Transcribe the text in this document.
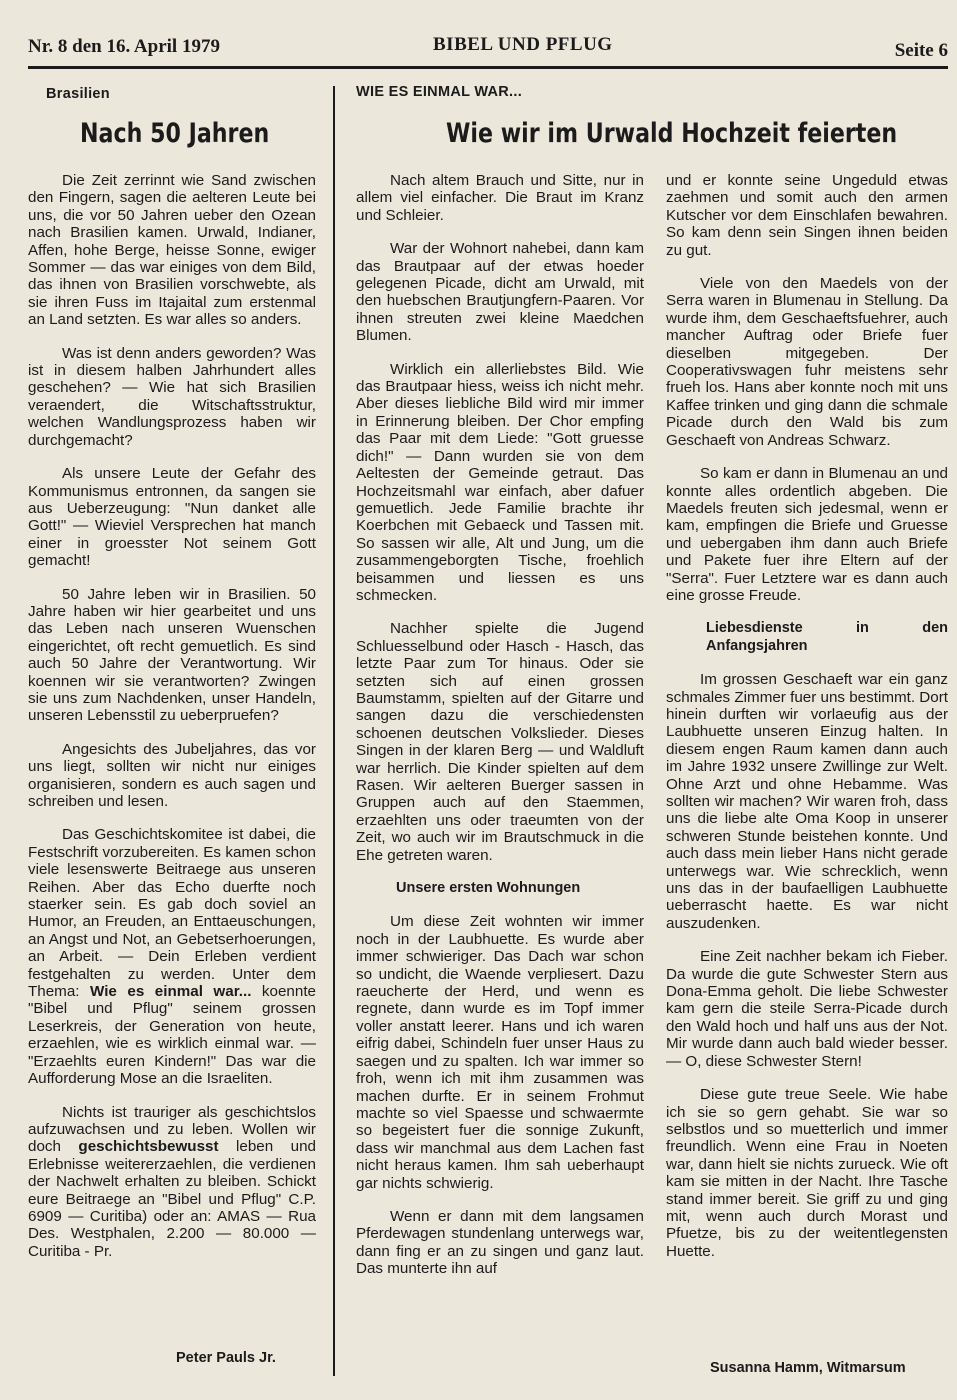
Nr. 8 den 16. April 1979	BIBEL UND PFLUG	Seite 6
Brasilien
Nach 50 Jahren

Die Zeit zerrinnt wie Sand zwischen den Fingern, sagen die aelteren Leute bei uns, die vor 50 Jahren ueber den Ozean nach Brasilien kamen. Urwald, Indianer, Affen, hohe Berge, heisse Sonne, ewiger Sommer — das war einiges von dem Bild, das ihnen von Brasilien vorschwebte, als sie ihren Fuss im Itajaital zum erstenmal an Land setzten. Es war alles so anders.

Was ist denn anders geworden? Was ist in diesem halben Jahrhundert alles geschehen? — Wie hat sich Brasilien veraendert, die Witschaftsstruktur, welchen Wandlungsprozess haben wir durchgemacht?

Als unsere Leute der Gefahr des Kommunismus entronnen, da sangen sie aus Ueberzeugung: "Nun danket alle Gott!" — Wieviel Versprechen hat manch einer in groesster Not seinem Gott gemacht!

50 Jahre leben wir in Brasilien. 50 Jahre haben wir hier gearbeitet und uns das Leben nach unseren Wuenschen eingerichtet, oft recht gemuetlich. Es sind auch 50 Jahre der Verantwortung. Wir koennen wir sie verantworten? Zwingen sie uns zum Nachdenken, unser Handeln, unseren Lebensstil zu ueberpruefen?

Angesichts des Jubeljahres, das vor uns liegt, sollten wir nicht nur einiges organisieren, sondern es auch sagen und schreiben und lesen.

Das Geschichtskomitee ist dabei, die Festschrift vorzubereiten. Es kamen schon viele lesenswerte Beitraege aus unseren Reihen. Aber das Echo duerfte noch staerker sein. Es gab doch soviel an Humor, an Freuden, an Enttaeuschungen, an Angst und Not, an Gebetserhoerungen, an Arbeit. — Dein Erleben verdient festgehalten zu werden. Unter dem Thema: Wie es einmal war... koennte "Bibel und Pflug" seinem grossen Leserkreis, der Generation von heute, erzaehlen, wie es wirklich einmal war. — "Erzaehlts euren Kindern!" Das war die Aufforderung Mose an die Israeliten.

Nichts ist trauriger als geschichtslos aufzuwachsen und zu leben. Wollen wir doch geschichtsbewusst leben und Erlebnisse weitererzaehlen, die verdienen der Nachwelt erhalten zu bleiben. Schickt eure Beitraege an "Bibel und Pflug" C.P. 6909 — Curitiba) oder an: AMAS — Rua Des. Westphalen, 2.200 — 80.000 — Curitiba - Pr.

Peter Pauls Jr.
WIE ES EINMAL WAR...
Wie wir im Urwald Hochzeit feierten

Nach altem Brauch und Sitte, nur in allem viel einfacher. Die Braut im Kranz und Schleier.

War der Wohnort nahebei, dann kam das Brautpaar auf der etwas hoeder gelegenen Picade, dicht am Urwald, mit den huebschen Brautjungfern-Paaren. Vor ihnen streuten zwei kleine Maedchen Blumen.

Wirklich ein allerliebstes Bild. Wie das Brautpaar hiess, weiss ich nicht mehr. Aber dieses liebliche Bild wird mir immer in Erinnerung bleiben. Der Chor empfing das Paar mit dem Liede: "Gott gruesse dich!" — Dann wurden sie von dem Aeltesten der Gemeinde getraut. Das Hochzeitsmahl war einfach, aber dafuer gemuetlich. Jede Familie brachte ihr Koerbchen mit Gebaeck und Tassen mit. So sassen wir alle, Alt und Jung, um die zusammengeborgten Tische, froehlich beisammen und liessen es uns schmecken.

Nachher spielte die Jugend Schluesselbund oder Hasch - Hasch, das letzte Paar zum Tor hinaus. Oder sie setzten sich auf einen grossen Baumstamm, spielten auf der Gitarre und sangen dazu die verschiedensten schoenen deutschen Volkslieder. Dieses Singen in der klaren Berg — und Waldluft war herrlich. Die Kinder spielten auf dem Rasen. Wir aelteren Buerger sassen in Gruppen auch auf den Staemmen, erzaehlten uns oder traeumten von der Zeit, wo auch wir im Brautschmuck in die Ehe getreten waren.

Unsere ersten Wohnungen

Um diese Zeit wohnten wir immer noch in der Laubhuette. Es wurde aber immer schwieriger. Das Dach war schon so undicht, die Waende verpliesert. Dazu raeucherte der Herd, und wenn es regnete, dann wurde es im Topf immer voller anstatt leerer. Hans und ich waren eifrig dabei, Schindeln fuer unser Haus zu saegen und zu spalten. Ich war immer so froh, wenn ich mit ihm zusammen was machen durfte. Er in seinem Frohmut machte so viel Spaesse und schwaermte so begeistert fuer die sonnige Zukunft, dass wir manchmal aus dem Lachen fast nicht heraus kamen. Ihm sah ueberhaupt gar nichts schwierig.

Wenn er dann mit dem langsamen Pferdewagen stundenlang unterwegs war, dann fing er an zu singen und ganz laut. Das munterte ihn auf

und er konnte seine Ungeduld etwas zaehmen und somit auch den armen Kutscher vor dem Einschlafen bewahren. So kam denn sein Singen ihnen beiden zu gut.

Viele von den Maedels von der Serra waren in Blumenau in Stellung. Da wurde ihm, dem Geschaeftsfuehrer, auch mancher Auftrag oder Briefe fuer dieselben mitgegeben. Der Cooperativswagen fuhr meistens sehr frueh los. Hans aber konnte noch mit uns Kaffee trinken und ging dann die schmale Picade durch den Wald bis zum Geschaeft von Andreas Schwarz.

So kam er dann in Blumenau an und konnte alles ordentlich abgeben. Die Maedels freuten sich jedesmal, wenn er kam, empfingen die Briefe und Gruesse und uebergaben ihm dann auch Briefe und Pakete fuer ihre Eltern auf der "Serra". Fuer Letztere war es dann auch eine grosse Freude.

Liebesdienste in den Anfangsjahren

Im grossen Geschaeft war ein ganz schmales Zimmer fuer uns bestimmt. Dort hinein durften wir vorlaeufig aus der Laubhuette unseren Einzug halten. In diesem engen Raum kamen dann auch im Jahre 1932 unsere Zwillinge zur Welt. Ohne Arzt und ohne Hebamme. Was sollten wir machen? Wir waren froh, dass uns die liebe alte Oma Koop in unserer schweren Stunde beistehen konnte. Und auch dass mein lieber Hans nicht gerade unterwegs war. Wie schrecklich, wenn uns das in der baufaelligen Laubhuette ueberrascht haette. Es war nicht auszudenken.

Eine Zeit nachher bekam ich Fieber. Da wurde die gute Schwester Stern aus Dona-Emma geholt. Die liebe Schwester kam gern die steile Serra-Picade durch den Wald hoch und half uns aus der Not. Mir wurde dann auch bald wieder besser. — O, diese Schwester Stern!

Diese gute treue Seele. Wie habe ich sie so gern gehabt. Sie war so selbstlos und so muetterlich und immer freundlich. Wenn eine Frau in Noeten war, dann hielt sie nichts zurueck. Wie oft kam sie mitten in der Nacht. Ihre Tasche stand immer bereit. Sie griff zu und ging mit, wenn auch durch Morast und Pfuetze, bis zu der weitentlegensten Huette.

Susanna Hamm, Witmarsum
